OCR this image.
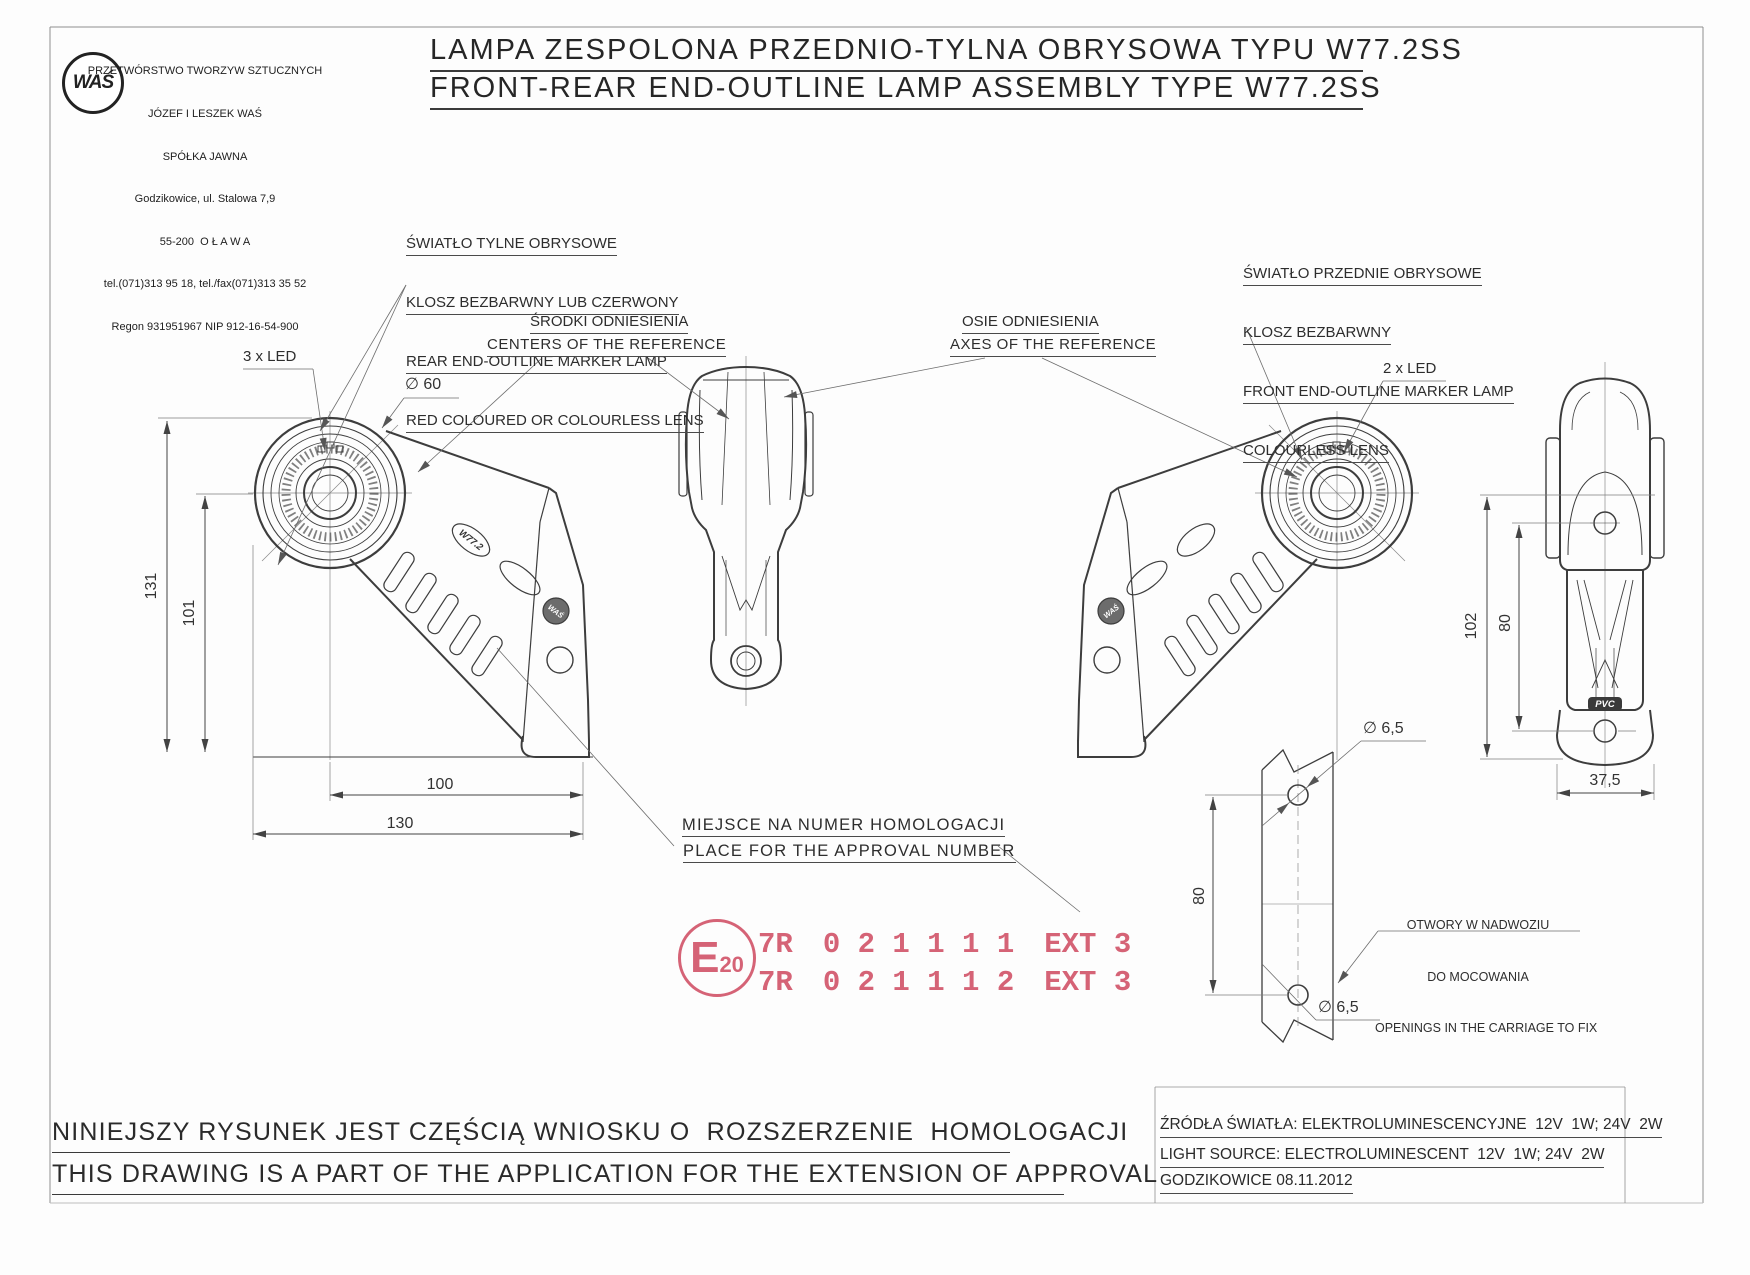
WAŚ

PRZETWÓRSTWO TWORZYW SZTUCZNYCH

JÓZEF I LESZEK WAŚ

SPÓŁKA JAWNA

Godzikowice, ul. Stalowa 7,9

55-200  O Ł A W A

tel.(071)313 95 18, tel./fax(071)313 35 52

Regon 931951967 NIP 912-16-54-900

LAMPA ZESPOLONA PRZEDNIO-TYLNA OBRYSOWA TYPU W77.2SS
FRONT-REAR END-OUTLINE LAMP ASSEMBLY TYPE W77.2SS

ŚWIATŁO TYLNE OBRYSOWE

KLOSZ BEZBARWNY LUB CZERWONY

REAR END-OUTLINE MARKER LAMP

RED COLOURED OR COLOURLESS LENS

ŚWIATŁO PRZEDNIE OBRYSOWE

KLOSZ BEZBARWNY

FRONT END-OUTLINE MARKER LAMP

COLOURLESS LENS

ŚRODKI ODNIESIENIA
CENTERS OF THE REFERENCE
OSIE ODNIESIENIA
AXES OF THE REFERENCE
3 x LED
∅ 60
2 x LED
131
101
100
130
102 80
37,5
80
∅ 6,5
∅ 6,5
MIEJSCE NA NUMER HOMOLOGACJI
PLACE FOR THE APPROVAL NUMBER

OTWORY W NADWOZIU

DO MOCOWANIA

OPENINGS IN THE CARRIAGE TO FIX

E 20
7R 0 2 1 1 1 1 EXT 3
7R 0 2 1 1 1 2 EXT 3
W77.2
WAŚ	WAŚ
PVC
NINIEJSZY RYSUNEK JEST CZĘŚCIĄ WNIOSKU O  ROZSZERZENIE  HOMOLOGACJI
THIS DRAWING IS A PART OF THE APPLICATION FOR THE EXTENSION OF APPROVAL
ŹRÓDŁA ŚWIATŁA: ELEKTROLUMINESCENCYJNE  12V  1W; 24V  2W
LIGHT SOURCE: ELECTROLUMINESCENT  12V  1W; 24V  2W
GODZIKOWICE 08.11.2012
